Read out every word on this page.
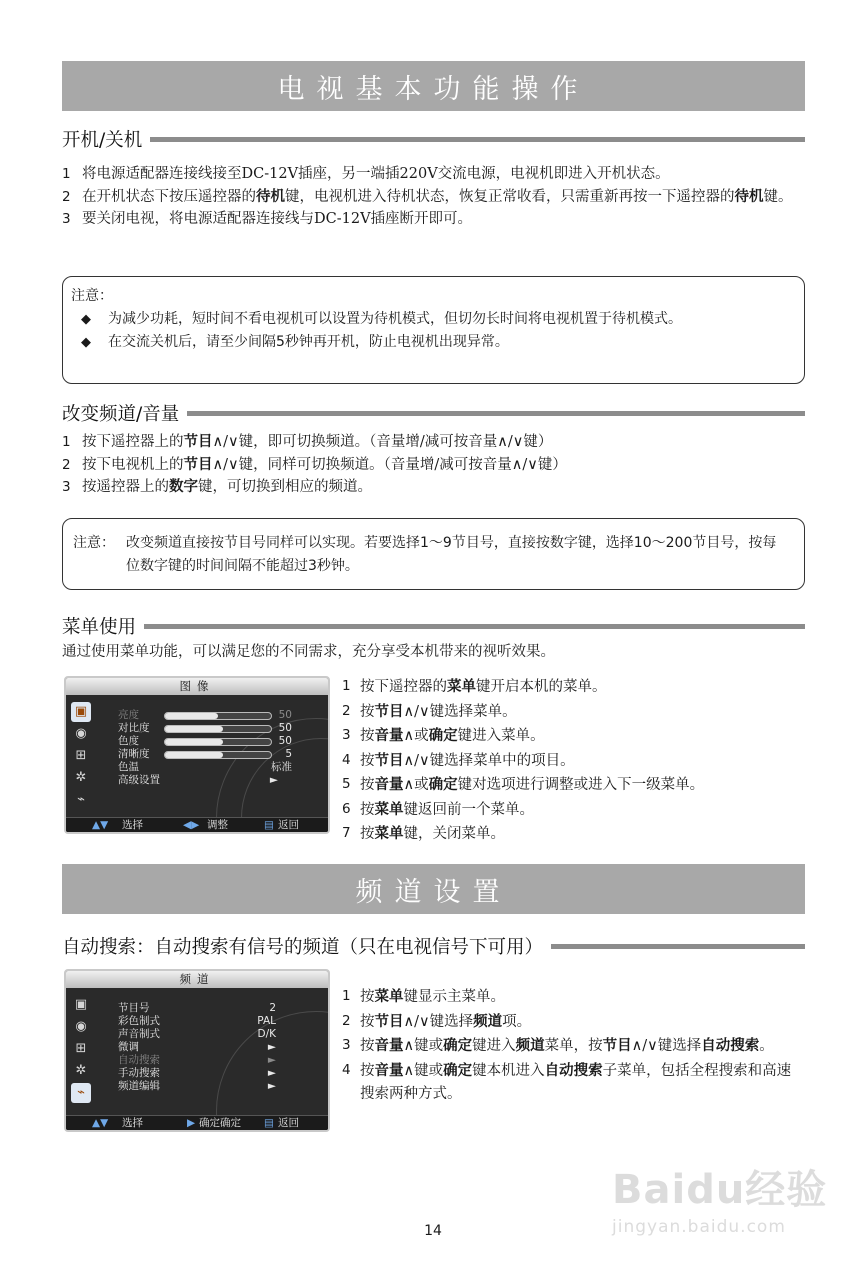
电视基本功能操作
开机/关机
1 将电源适配器连接线接至DC-12V插座，另一端插220V交流电源，电视机即进入开机状态。
2 在开机状态下按压遥控器的待机键，电视机进入待机状态，恢复正常收看，只需重新再按一下遥控器的待机键。
3 要关闭电视，将电源适配器连接线与DC-12V插座断开即可。
注意：
◆	为减少功耗，短时间不看电视机可以设置为待机模式，但切勿长时间将电视机置于待机模式。
◆	在交流关机后，请至少间隔5秒钟再开机，防止电视机出现异常。
改变频道/音量
1 按下遥控器上的节目∧/∨键，即可切换频道。（音量增/减可按音量∧/∨键）
2 按下电视机上的节目∧/∨键，同样可切换频道。（音量增/减可按音量∧/∨键）
3 按遥控器上的数字键，可切换到相应的频道。
注意： 改变频道直接按节目号同样可以实现。若要选择1～9节目号，直接按数字键，选择10～200节目号，按每位数字键的时间间隔不能超过3秒钟。
菜单使用
通过使用菜单功能，可以满足您的不同需求，充分享受本机带来的视听效果。
图像
▣
◉
⊞
✲
⌁
亮度	50
对比度	50
色度	50
清晰度	5
色温	标准
高级设置	►
▲▼ 选择	◀▶ 调整	▤ 返回
1 按下遥控器的菜单键开启本机的菜单。
2 按节目∧/∨键选择菜单。
3 按音量∧或确定键进入菜单。
4 按节目∧/∨键选择菜单中的项目。
5 按音量∧或确定键对选项进行调整或进入下一级菜单。
6 按菜单键返回前一个菜单。
7 按菜单键，关闭菜单。
频道设置
自动搜索：自动搜索有信号的频道（只在电视信号下可用）
频道
▣
◉
⊞
✲
⌁
节目号	2
彩色制式	PAL
声音制式	D/K
微调	►
自动搜索	►
手动搜索	►
频道编辑	►
▲▼ 选择	▶ 确定确定 ▤ 返回
1 按菜单键显示主菜单。
2 按节目∧/∨键选择频道项。
3 按音量∧键或确定键进入频道菜单，按节目∧/∨键选择自动搜索。
4 按音量∧键或确定键本机进入自动搜索子菜单，包括全程搜索和高速搜索两种方式。
14
Baidu经验
jingyan.baidu.com
